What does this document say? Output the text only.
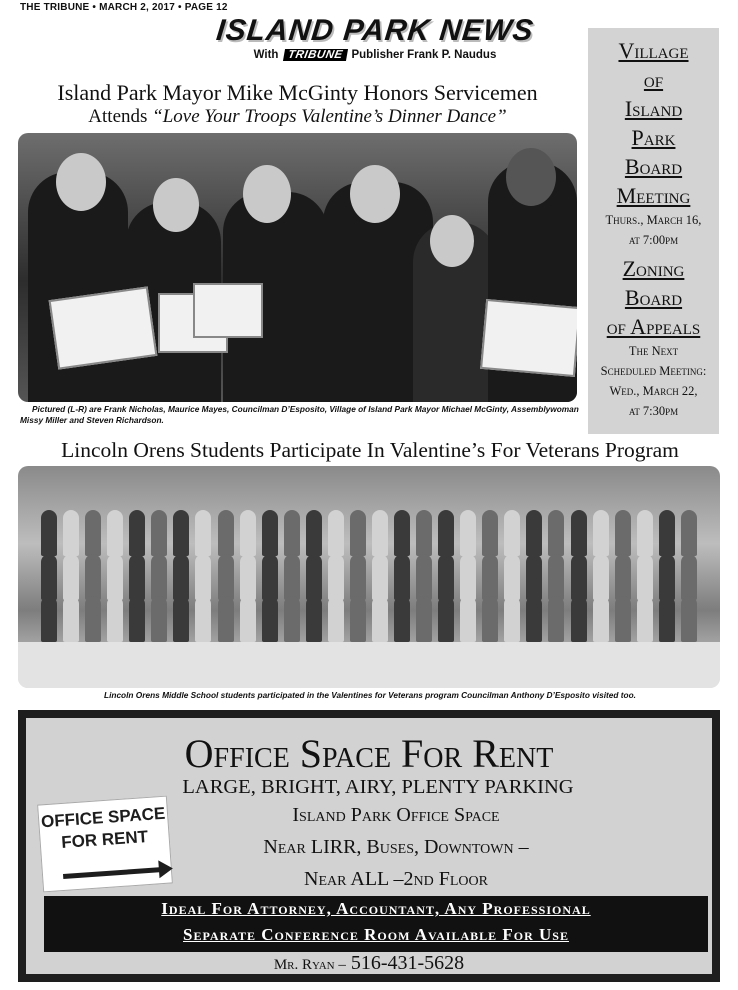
THE TRIBUNE • MARCH 2, 2017 • PAGE 12
ISLAND PARK NEWS
With TRIBUNE Publisher Frank P. Naudus
Island Park Mayor Mike McGinty Honors Servicemen
Attends “Love Your Troops Valentine’s Dinner Dance”
Pictured (L-R) are Frank Nicholas, Maurice Mayes, Councilman D’Esposito, Village of Island Park Mayor Michael McGinty, Assemblywoman Missy Miller and Steven Richardson.
Lincoln Orens Students Participate In Valentine’s For Veterans Program
Lincoln Orens Middle School students participated in the Valentines for Veterans program Councilman Anthony D’Esposito visited too.
Village
of
Island
Park
Board
Meeting
Thurs., March 16,
at 7:00pm
Zoning
Board
of Appeals
The Next
Scheduled Meeting:
Wed., March 22,
at 7:30pm
Office Space For Rent
LARGE, BRIGHT, AIRY, PLENTY PARKING
Island Park Office Space
Near LIRR, Buses, Downtown –
Near ALL –2nd Floor
OFFICE SPACE
FOR RENT
Ideal For Attorney, Accountant, Any Professional
Separate Conference Room Available For Use
Mr. Ryan – 516-431-5628
